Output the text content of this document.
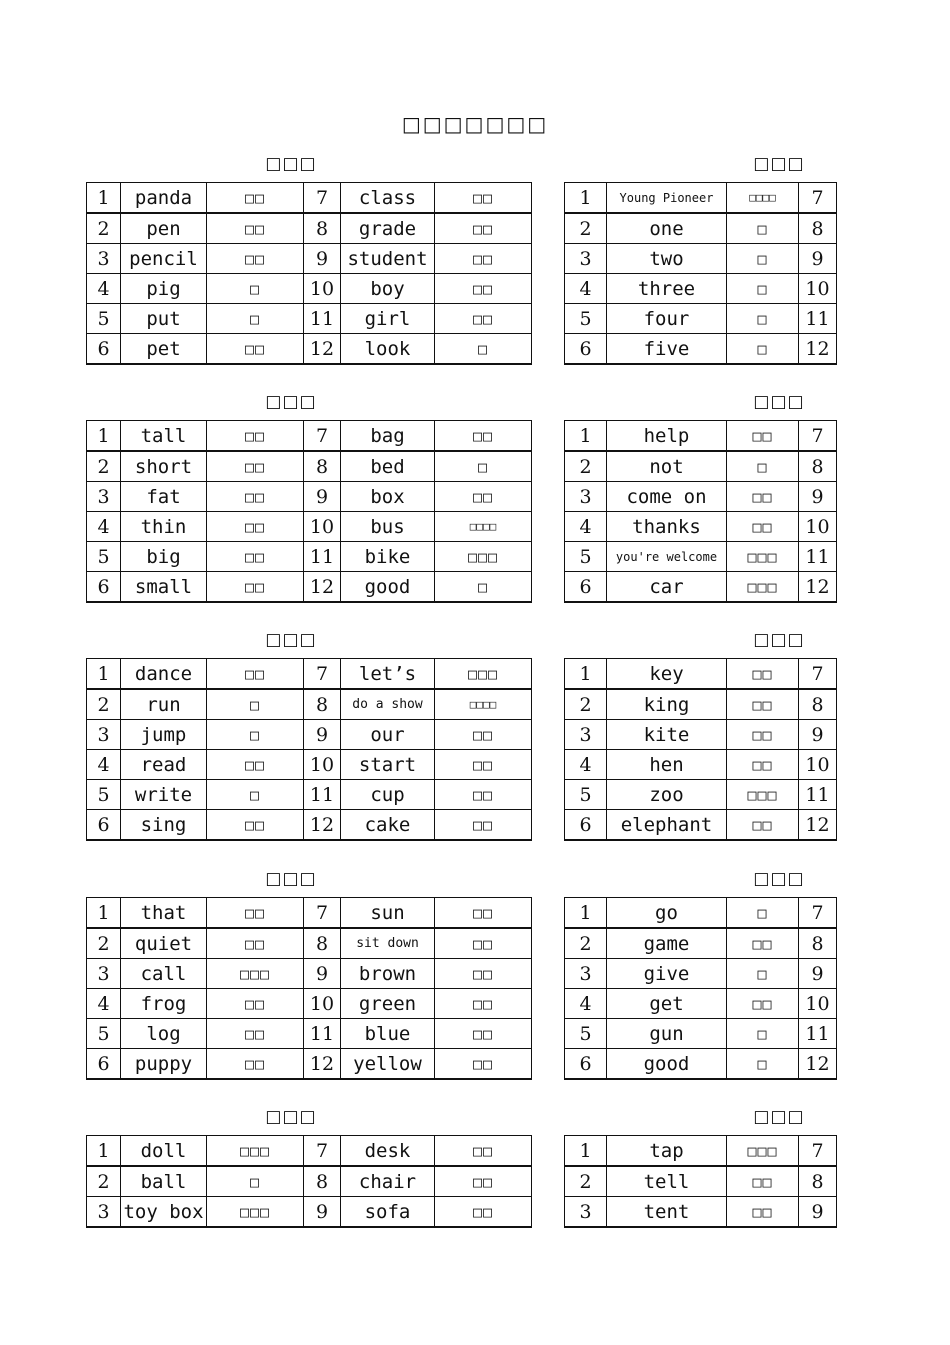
□□□□□□□
□□□
1	panda	□□	7	class	□□
2	pen	□□	8	grade	□□
3	pencil	□□	9	student	□□
4	pig	□	10	boy	□□
5	put	□	11	girl	□□
6	pet	□□	12	look	□
□□□
1	tall	□□	7	bag	□□
2	short	□□	8	bed	□
3	fat	□□	9	box	□□
4	thin	□□	10	bus	□□□□
5	big	□□	11	bike	□□□
6	small	□□	12	good	□
□□□
1	dance	□□	7	let’s	□□□
2	run	□	8	do a show	□□□□
3	jump	□	9	our	□□
4	read	□□	10	start	□□
5	write	□	11	cup	□□
6	sing	□□	12	cake	□□
□□□
1	that	□□	7	sun	□□
2	quiet	□□	8	sit down	□□
3	call	□□□	9	brown	□□
4	frog	□□	10	green	□□
5	log	□□	11	blue	□□
6	puppy	□□	12	yellow	□□
□□□
1	doll	□□□	7	desk	□□
2	ball	□	8	chair	□□
3	toy box	□□□	9	sofa	□□
□□□
1	Young Pioneer	□□□□	7
2	one	□	8
3	two	□	9
4	three	□	10
5	four	□	11
6	five	□	12
□□□
1	help	□□	7
2	not	□	8
3	come on	□□	9
4	thanks	□□	10
5	you're welcome	□□□	11
6	car	□□□	12
□□□
1	key	□□	7
2	king	□□	8
3	kite	□□	9
4	hen	□□	10
5	zoo	□□□	11
6	elephant	□□	12
□□□
1	go	□	7
2	game	□□	8
3	give	□	9
4	get	□□	10
5	gun	□	11
6	good	□	12
□□□
1	tap	□□□	7
2	tell	□□	8
3	tent	□□	9
